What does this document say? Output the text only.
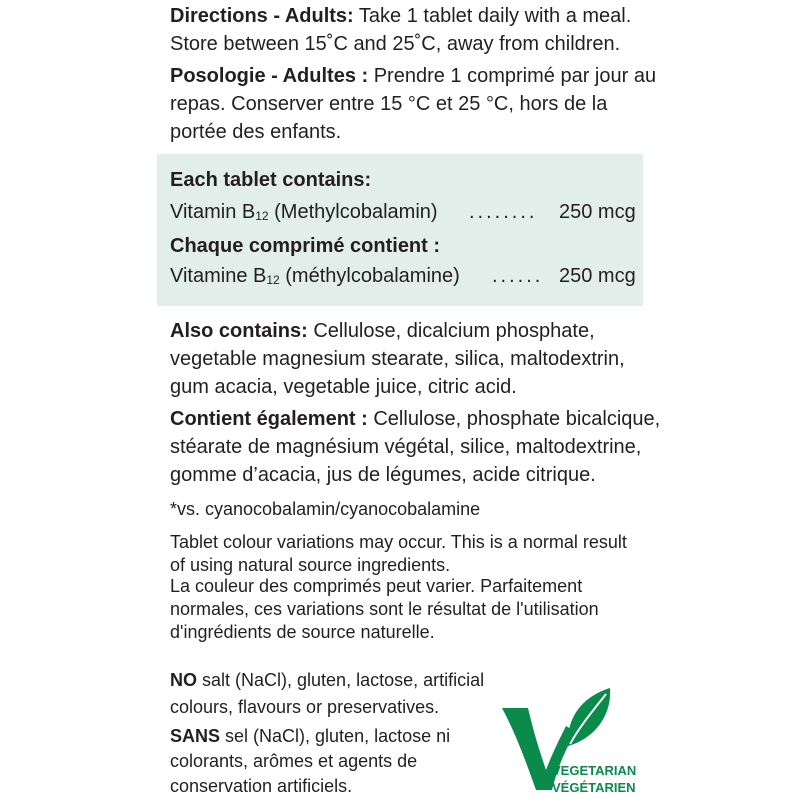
Directions - Adults: Take 1 tablet daily with a meal.

Store between 15˚C and 25˚C, away from children.

Posologie - Adultes : Prendre 1 comprimé par jour au

repas. Conserver entre 15 °C et 25 °C, hors de la

portée des enfants.

Each tablet contains:
Vitamin $B_{12}$ (Methylcobalamin) ........ 250 mcg
Chaque comprimé contient :
Vitamine $B_{12}$ (méthylcobalamine) ...... 250 mcg

Also contains: Cellulose, dicalcium phosphate,

vegetable magnesium stearate, silica, maltodextrin,

gum acacia, vegetable juice, citric acid.

Contient également : Cellulose, phosphate bicalcique,

stéarate de magnésium végétal, silice, maltodextrine,

gomme d’acacia, jus de légumes, acide citrique.

*vs. cyanocobalamin/cyanocobalamine

Tablet colour variations may occur. This is a normal result

of using natural source ingredients.

La couleur des comprimés peut varier. Parfaitement

normales, ces variations sont le résultat de l'utilisation

d'ingrédients de source naturelle.

NO salt (NaCl), gluten, lactose, artificial

colours, flavours or preservatives.

SANS sel (NaCl), gluten, lactose ni

colorants, arômes et agents de

conservation artificiels.

VEGETARIAN
VÉGÉTARIEN
